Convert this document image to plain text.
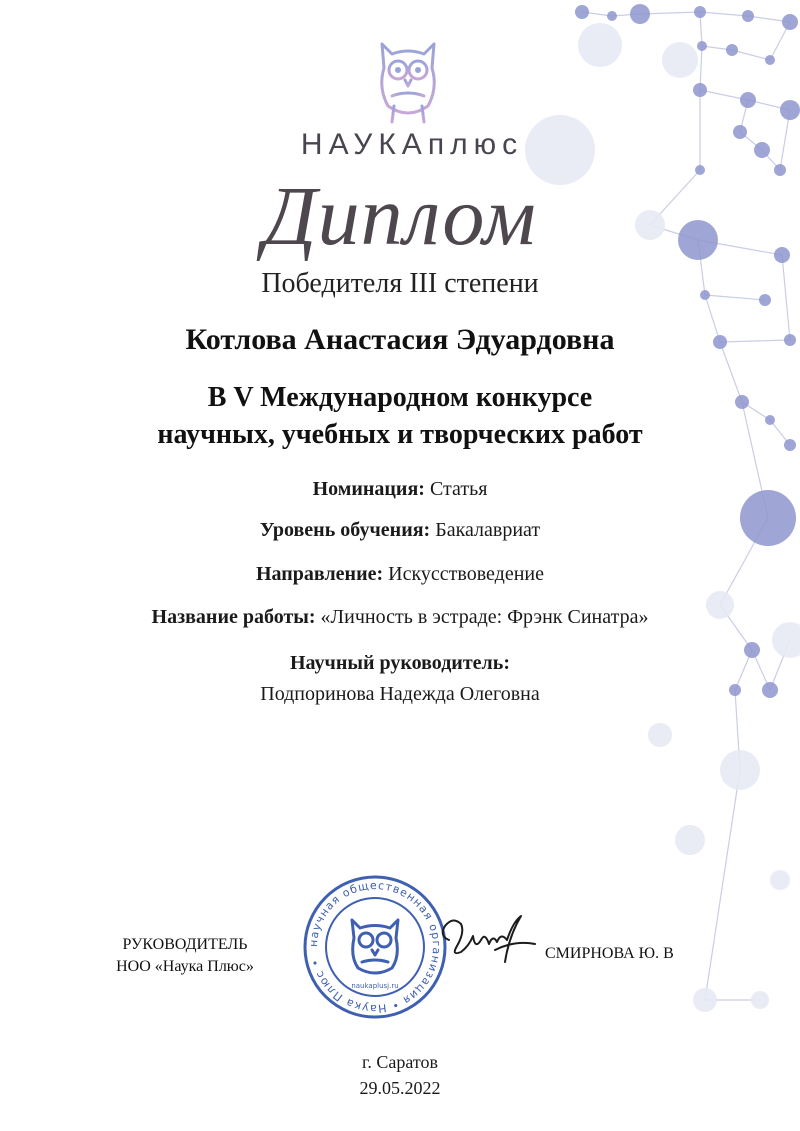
НАУКАплюс
Диплом
Победителя III степени
Котлова Анастасия Эдуардовна
В V Международном конкурсе
научных, учебных и творческих работ
Номинация: Статья
Уровень обучения: Бакалавриат
Направление: Искусствоведение
Название работы: «Личность в эстраде: Фрэнк Синатра»
Научный руководитель:
Подпоринова Надежда Олеговна
РУКОВОДИТЕЛЬ
НОО «Наука Плюс»
научная общественная организация • Наука Плюс •
naukaplusj.ru
СМИРНОВА Ю. В
г. Саратов
29.05.2022
